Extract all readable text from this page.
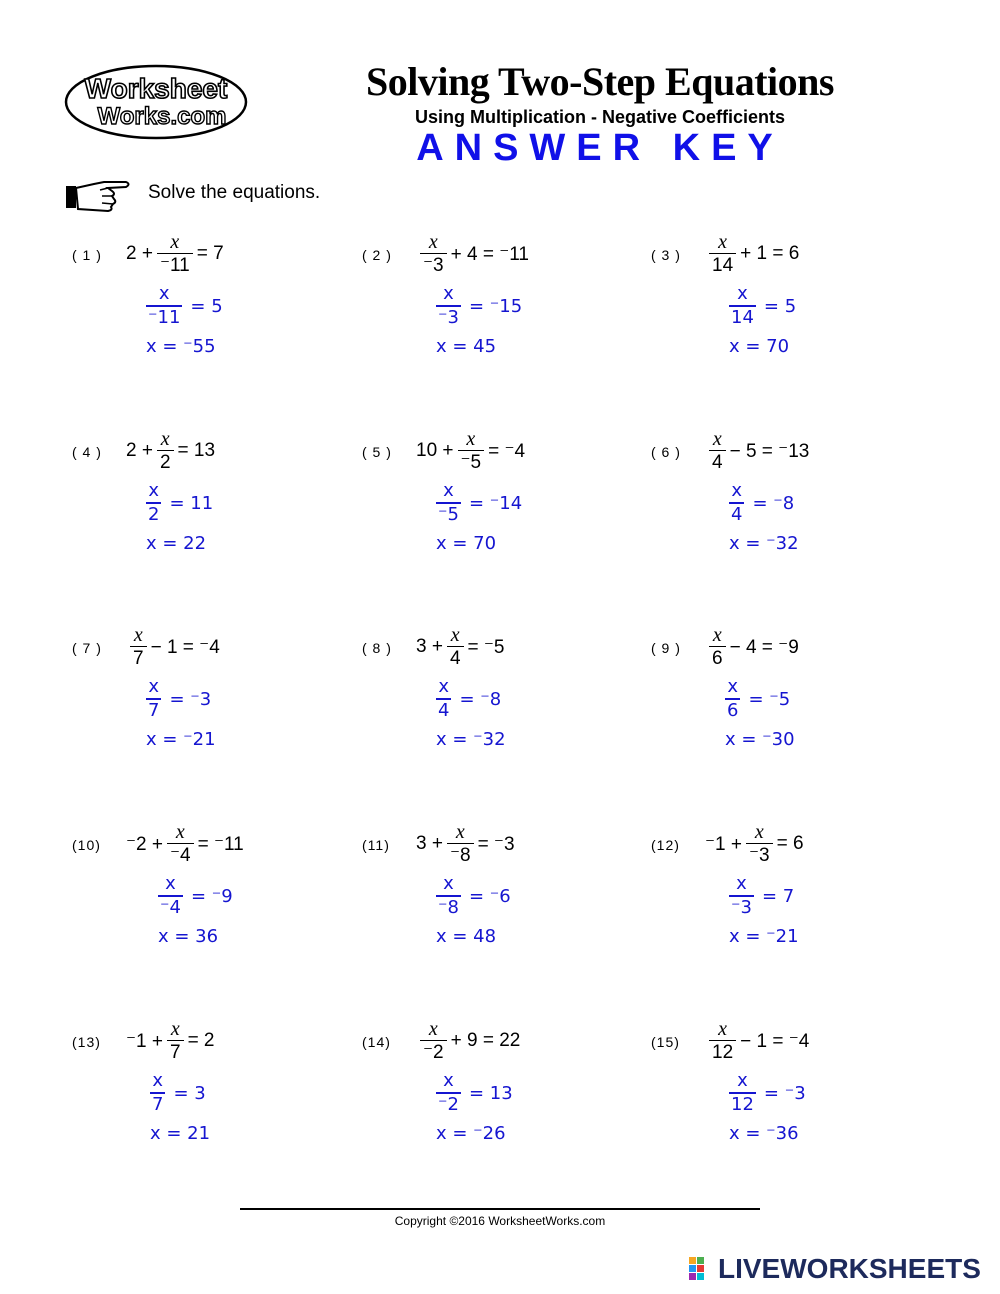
Worksheet
Works.com
Solving Two-Step Equations
Using Multiplication - Negative Coefficients
ANSWER KEY
Solve the equations.
( 1 ) $2 + \frac{x}{^-11} = 7$
x
⁻11
= 5
x = ⁻55
( 2 ) $\frac{x}{^-3} + 4 = ^-11$
x
⁻3
= ⁻15
x = 45
( 3 ) $\frac{x}{14} + 1 = 6$
x
14
= 5
x = 70
( 4 ) $2 + \frac{x}{2} = 13$
x
2
= 11
x = 22
( 5 ) $10 + \frac{x}{^-5} = ^-4$
x
⁻5
= ⁻14
x = 70
( 6 ) $\frac{x}{4} - 5 = ^-13$
x
4
= ⁻8
x = ⁻32
( 7 ) $\frac{x}{7} - 1 = ^-4$
x
7
= ⁻3
x = ⁻21
( 8 ) $3 + \frac{x}{4} = ^-5$
x
4
= ⁻8
x = ⁻32
( 9 ) $\frac{x}{6} - 4 = ^-9$
x
6
= ⁻5
x = ⁻30
(10) $^-2 + \frac{x}{^-4} = ^-11$
x
⁻4
= ⁻9
x = 36
(11) $3 + \frac{x}{^-8} = ^-3$
x
⁻8
= ⁻6
x = 48
(12) $^-1 + \frac{x}{^-3} = 6$
x
⁻3
= 7
x = ⁻21
(13) $^-1 + \frac{x}{7} = 2$
x
7
= 3
x = 21
$(14) \frac{x}{^-2} + 9 = 22$
x
⁻2
= 13
x = ⁻26
$(15) \frac{x}{12} - 1 = ^-4$
x
12
= ⁻3
x = ⁻36
Copyright ©2016 WorksheetWorks.com
LIVEWORKSHEETS
